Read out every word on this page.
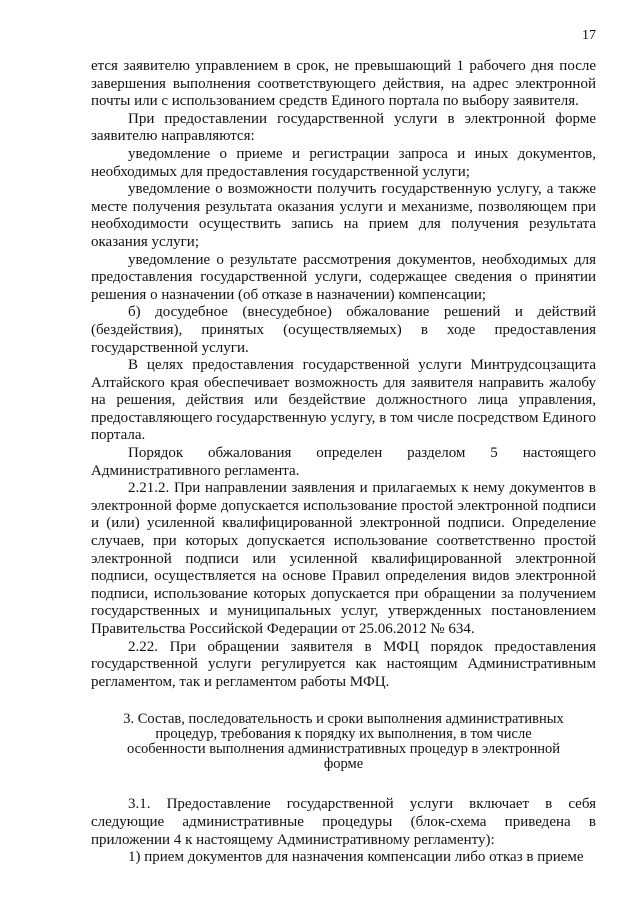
17

ется заявителю управлением в срок, не превышающий 1 рабочего дня после завершения выполнения соответствующего действия, на адрес электронной почты или с использованием средств Единого портала по выбору заявителя.

При предоставлении государственной услуги в электронной форме заявителю направляются:

уведомление о приеме и регистрации запроса и иных документов, необходимых для предоставления государственной услуги;

уведомление о возможности получить государственную услугу, а также месте получения результата оказания услуги и механизме, позволяющем при необходимости осуществить запись на прием для получения результата оказания услуги;

уведомление о результате рассмотрения документов, необходимых для предоставления государственной услуги, содержащее сведения о принятии решения о назначении (об отказе в назначении) компенсации;

б) досудебное (внесудебное) обжалование решений и действий (бездействия), принятых (осуществляемых) в ходе предоставления государственной услуги.

В целях предоставления государственной услуги Минтрудсоцзащита Алтайского края обеспечивает возможность для заявителя направить жалобу на решения, действия или бездействие должностного лица управления, предоставляющего государственную услугу, в том числе посредством Единого портала.

Порядок обжалования определен разделом 5 настоящего Административного регламента.

2.21.2. При направлении заявления и прилагаемых к нему документов в электронной форме допускается использование простой электронной подписи и (или) усиленной квалифицированной электронной подписи. Определение случаев, при которых допускается использование соответственно простой электронной подписи или усиленной квалифицированной электронной подписи, осуществляется на основе Правил определения видов электронной подписи, использование которых допускается при обращении за получением государственных и муниципальных услуг, утвержденных постановлением Правительства Российской Федерации от 25.06.2012 № 634.

2.22. При обращении заявителя в МФЦ порядок предоставления государственной услуги регулируется как настоящим Административным регламентом, так и регламентом работы МФЦ.

3. Состав, последовательность и сроки выполнения административных процедур, требования к порядку их выполнения, в том числе особенности выполнения административных процедур в электронной форме

3.1. Предоставление государственной услуги включает в себя следующие административные процедуры (блок-схема приведена в приложении 4 к настоящему Административному регламенту):

1) прием документов для назначения компенсации либо отказ в приеме
